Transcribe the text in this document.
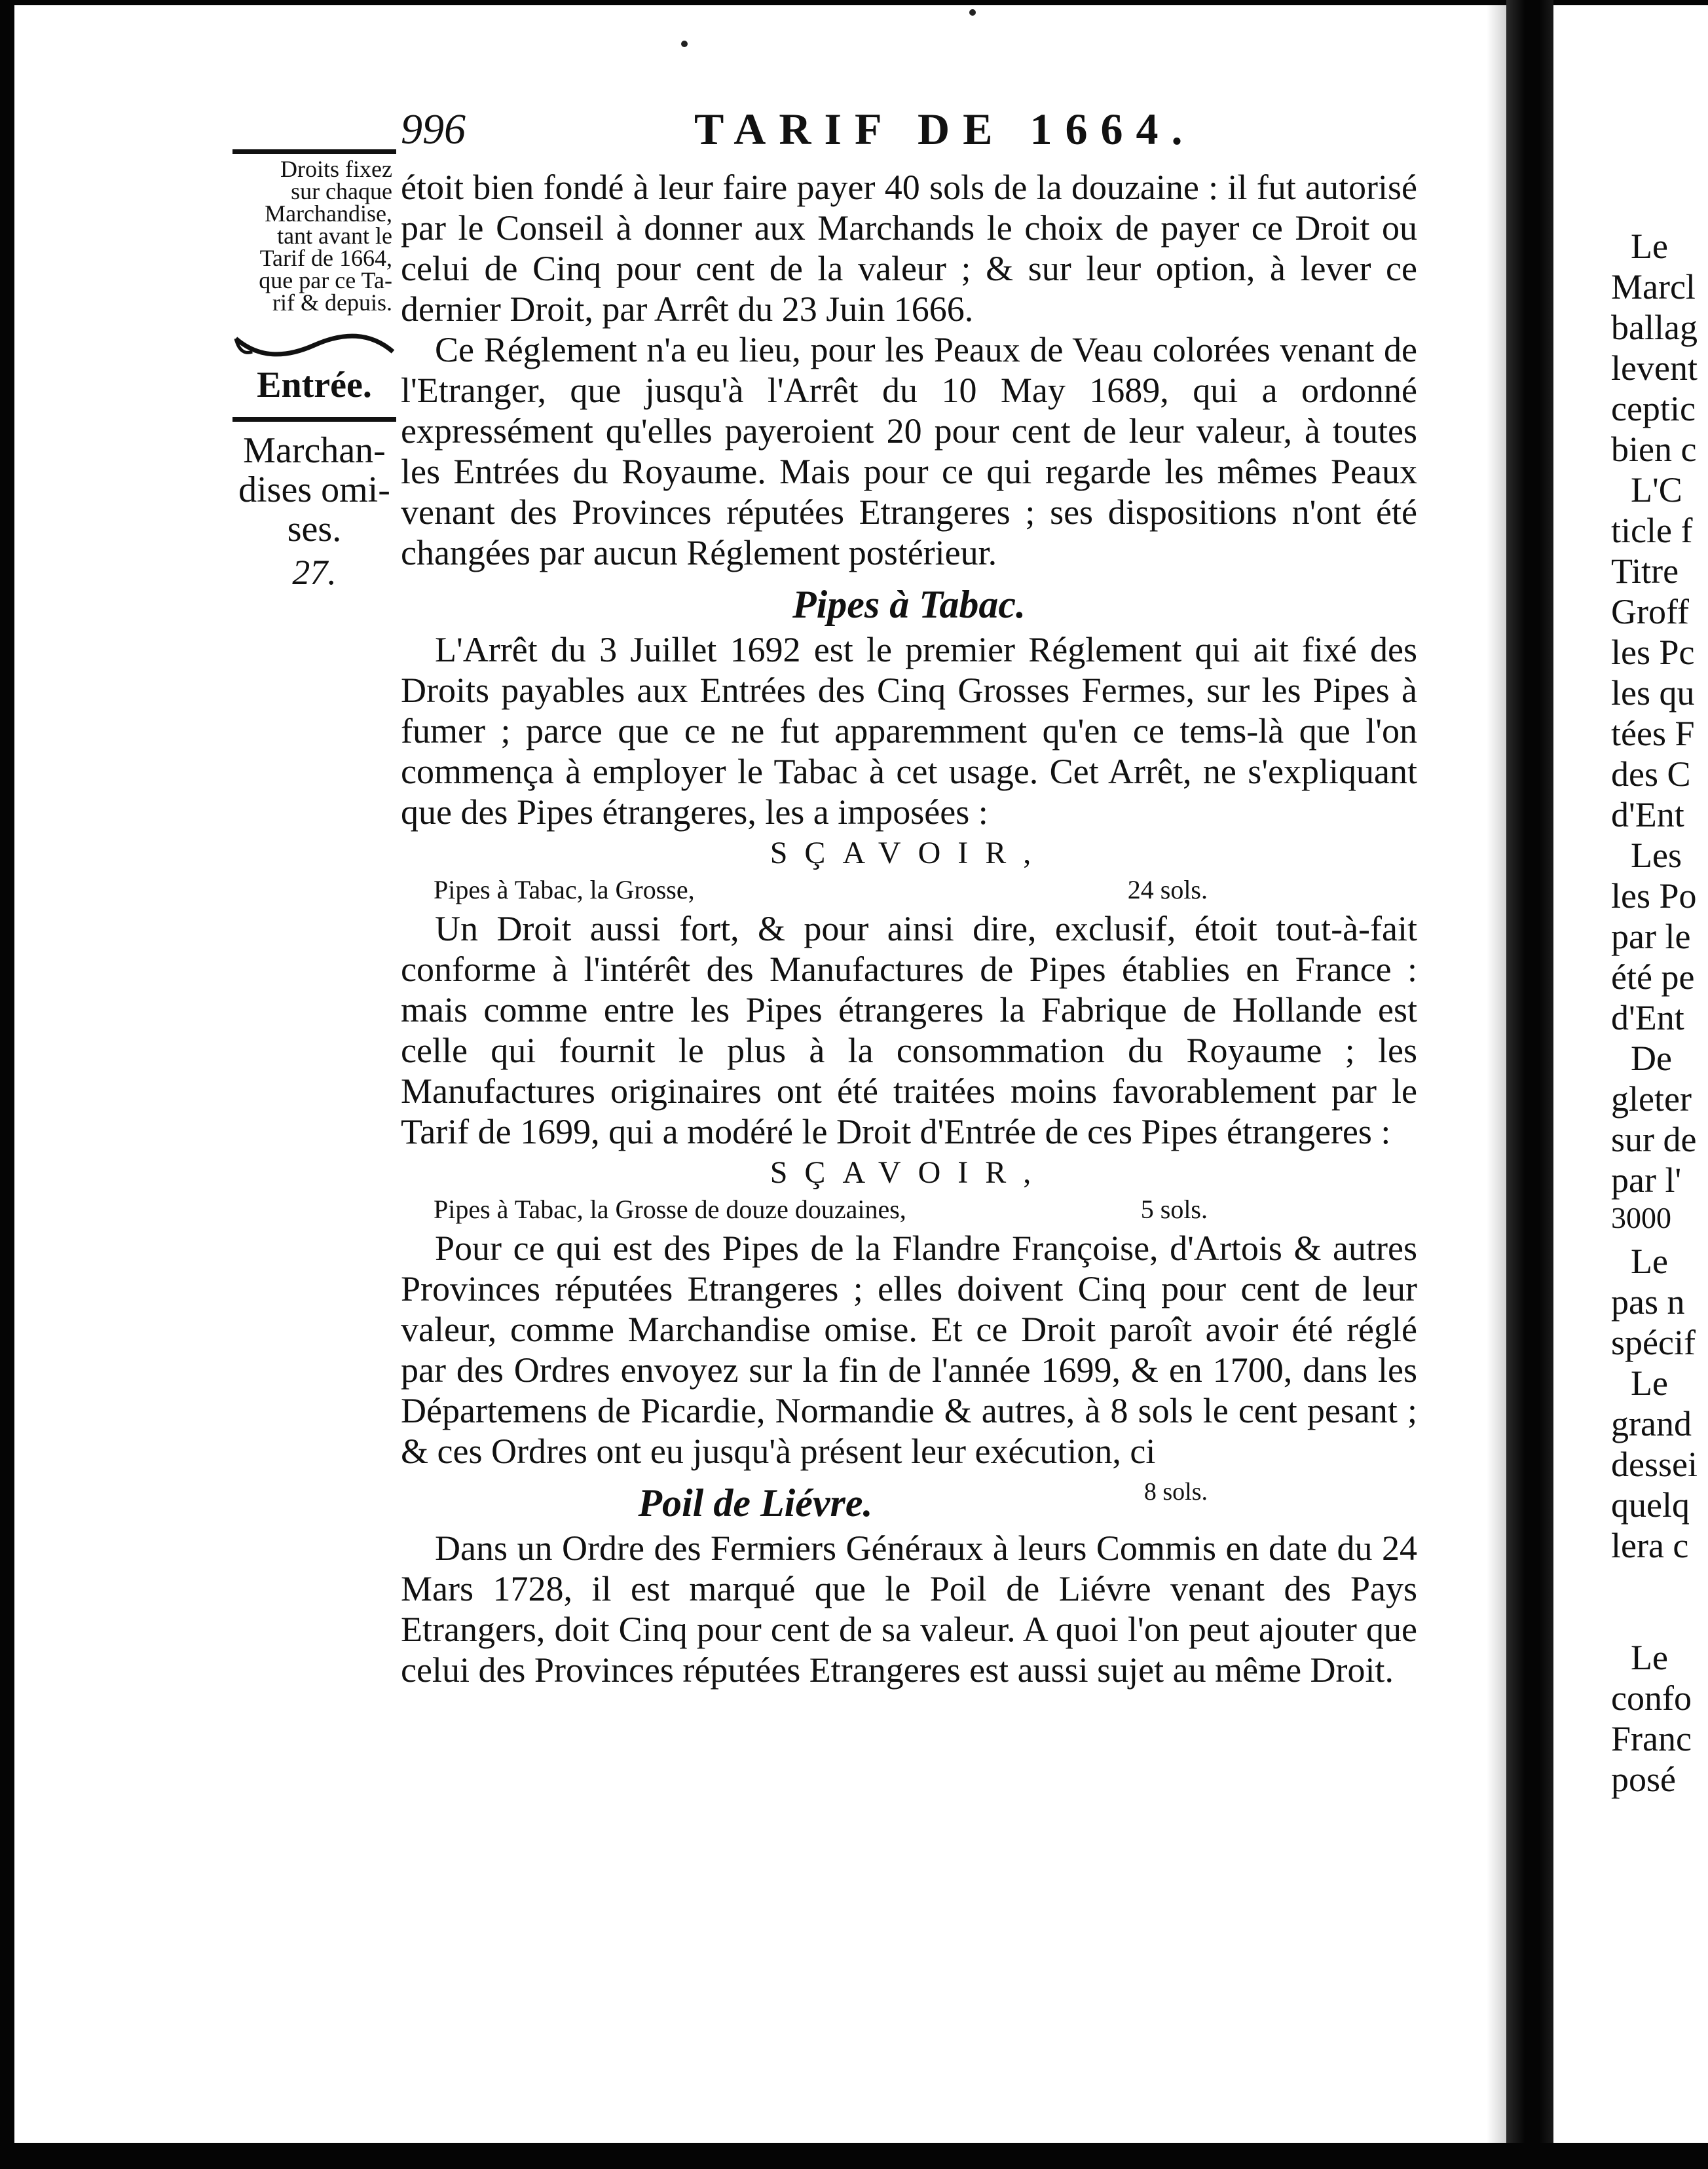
996	TARIF DE 1664.
Droits fixez
sur chaque
Marchandise,
tant avant le
Tarif de 1664,
que par ce Ta-
rif & depuis.
Entrée.
Marchan-
dises omi-
ses.
27.

étoit bien fondé à leur faire payer 40 sols de la douzaine : il fut autorisé par le Conseil à donner aux Marchands le choix de payer ce Droit ou celui de Cinq pour cent de la valeur ; & sur leur option, à lever ce dernier Droit, par Arrêt du 23 Juin 1666.

Ce Réglement n'a eu lieu, pour les Peaux de Veau colorées venant de l'Etranger, que jusqu'à l'Arrêt du 10 May 1689, qui a ordonné expressément qu'elles payeroient 20 pour cent de leur valeur, à toutes les Entrées du Royaume. Mais pour ce qui regarde les mêmes Peaux venant des Provinces réputées Etrangeres ; ses dispositions n'ont été changées par aucun Réglement postérieur.

Pipes à Tabac.

L'Arrêt du 3 Juillet 1692 est le premier Réglement qui ait fixé des Droits payables aux Entrées des Cinq Grosses Fermes, sur les Pipes à fumer ; parce que ce ne fut apparemment qu'en ce tems-là que l'on commença à employer le Tabac à cet usage. Cet Arrêt, ne s'expliquant que des Pipes étrangeres, les a imposées :

SÇAVOIR,
Pipes à Tabac, la Grosse,	24 sols.

Un Droit aussi fort, & pour ainsi dire, exclusif, étoit tout-à-fait conforme à l'intérêt des Manufactures de Pipes établies en France : mais comme entre les Pipes étrangeres la Fabrique de Hollande est celle qui fournit le plus à la consommation du Royaume ; les Manufactures originaires ont été traitées moins favorablement par le Tarif de 1699, qui a modéré le Droit d'Entrée de ces Pipes étrangeres :

SÇAVOIR,
Pipes à Tabac, la Grosse de douze douzaines,	5 sols.

Pour ce qui est des Pipes de la Flandre Françoise, d'Artois & autres Provinces réputées Etrangeres ; elles doivent Cinq pour cent de leur valeur, comme Marchandise omise. Et ce Droit paroît avoir été réglé par des Ordres envoyez sur la fin de l'année 1699, & en 1700, dans les Départemens de Picardie, Normandie & autres, à 8 sols le cent pesant ; & ces Ordres ont eu jusqu'à présent leur exécution, ci
8 sols.

Poil de Liévre.

Dans un Ordre des Fermiers Généraux à leurs Commis en date du 24 Mars 1728, il est marqué que le Poil de Liévre venant des Pays Etrangers, doit Cinq pour cent de sa valeur. A quoi l'on peut ajouter que celui des Provinces réputées Etrangeres est aussi sujet au même Droit.

Le
Marcl
ballag
levent
ceptic
bien c
L'C
ticle f
Titre
Groff
les Pc
les qu
tées F
des C
d'Ent
Les
les Po
par le
été pe
d'Ent
De
gleter
sur de
par l'
3000
Le
pas n
spécif
Le
grand
dessei
quelq
lera c
Le
confo
Franc
posé
